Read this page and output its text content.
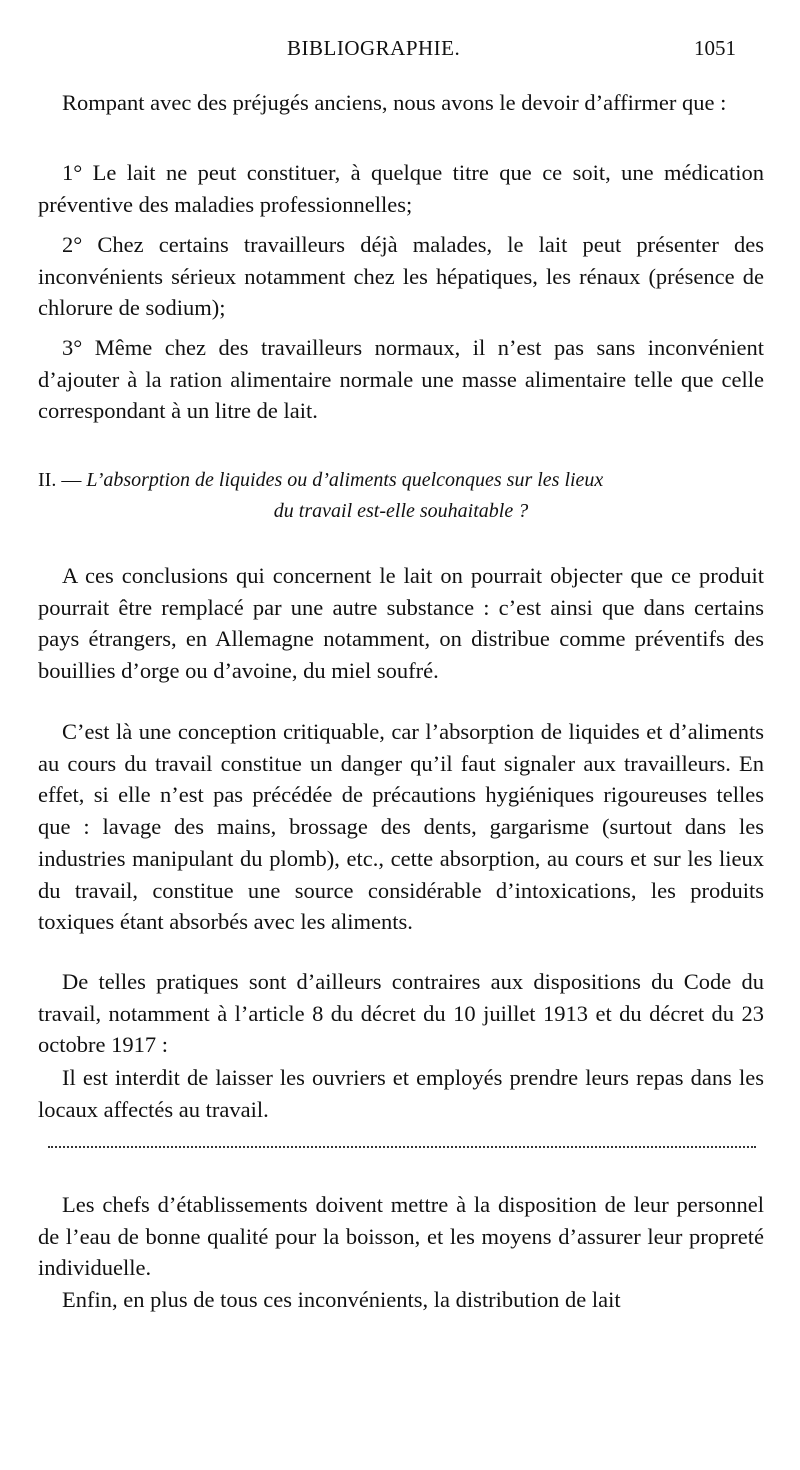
BIBLIOGRAPHIE.	1051

Rompant avec des préjugés anciens, nous avons le devoir d’affirmer que :

1° Le lait ne peut constituer, à quelque titre que ce soit, une médication préventive des maladies professionnelles;

2° Chez certains travailleurs déjà malades, le lait peut présenter des inconvénients sérieux notamment chez les hépatiques, les rénaux (présence de chlorure de sodium);

3° Même chez des travailleurs normaux, il n’est pas sans inconvénient d’ajouter à la ration alimentaire normale une masse alimentaire telle que celle correspondant à un litre de lait.

II. — L’absorption de liquides ou d’aliments quelconques sur les lieux

du travail est-elle souhaitable ?

A ces conclusions qui concernent le lait on pourrait objecter que ce produit pourrait être remplacé par une autre substance : c’est ainsi que dans certains pays étrangers, en Allemagne notamment, on distribue comme préventifs des bouillies d’orge ou d’avoine, du miel soufré.

C’est là une conception critiquable, car l’absorption de liquides et d’aliments au cours du travail constitue un danger qu’il faut signaler aux travailleurs. En effet, si elle n’est pas précédée de précautions hygiéniques rigoureuses telles que : lavage des mains, brossage des dents, gargarisme (surtout dans les industries manipulant du plomb), etc., cette absorption, au cours et sur les lieux du travail, constitue une source considérable d’intoxications, les produits toxiques étant absorbés avec les aliments.

De telles pratiques sont d’ailleurs contraires aux dispositions du Code du travail, notamment à l’article 8 du décret du 10 juillet 1913 et du décret du 23 octobre 1917 :

Il est interdit de laisser les ouvriers et employés prendre leurs repas dans les locaux affectés au travail.

Les chefs d’établissements doivent mettre à la disposition de leur personnel de l’eau de bonne qualité pour la boisson, et les moyens d’assurer leur propreté individuelle.

Enfin, en plus de tous ces inconvénients, la distribution de lait
